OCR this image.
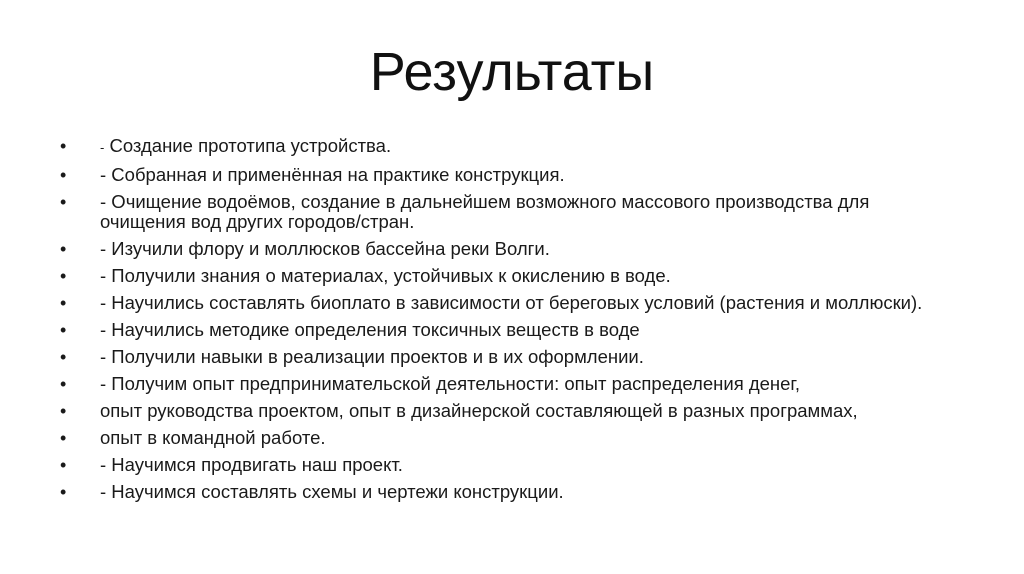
Результаты
•	- Создание прототипа устройства.
•	- Собранная и применённая на практике конструкция.
•	- Очищение водоёмов, создание в дальнейшем возможного массового производства для очищения вод других городов/стран.
•	- Изучили флору и моллюсков бассейна реки Волги.
•	- Получили знания о материалах, устойчивых к окислению в воде.
•	- Научились составлять биоплато в зависимости от береговых условий (растения и моллюски).
•	- Научились методике определения токсичных веществ в воде
•	- Получили навыки в реализации проектов и в их оформлении.
•	- Получим опыт предпринимательской деятельности: опыт распределения денег,
•	опыт руководства проектом, опыт в дизайнерской составляющей в разных программах,
•	опыт в командной работе.
•	- Научимся продвигать наш проект.
•	- Научимся составлять схемы и чертежи конструкции.
